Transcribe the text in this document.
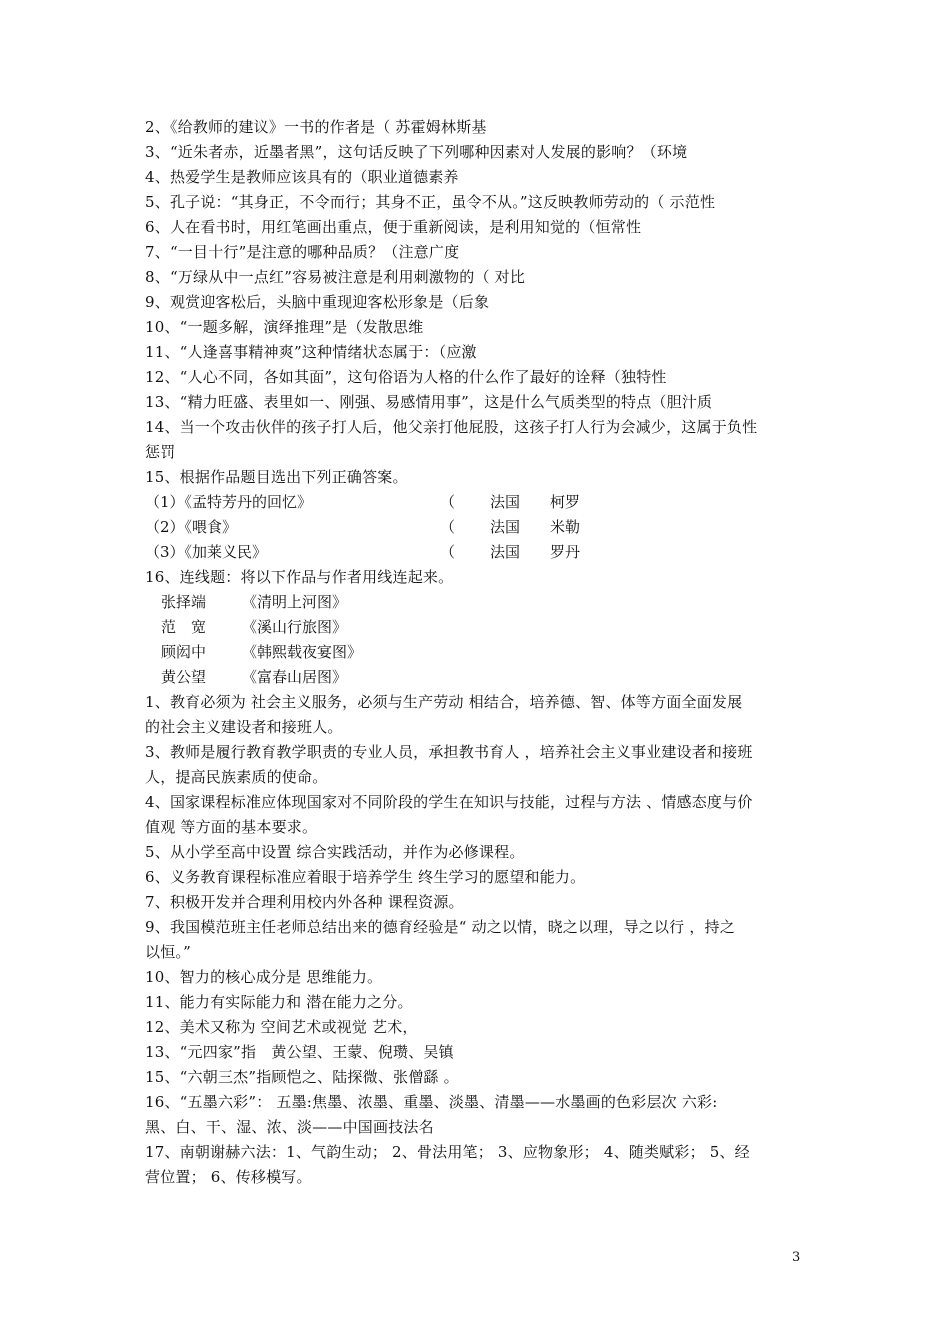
2、《给教师的建议》一书的作者是（ 苏霍姆林斯基
3、“近朱者赤，近墨者黑”，这句话反映了下列哪种因素对人发展的影响？（环境
4、热爱学生是教师应该具有的（职业道德素养
5、孔子说：“其身正，不令而行；其身不正，虽令不从。”这反映教师劳动的（ 示范性
6、人在看书时，用红笔画出重点，便于重新阅读，是利用知觉的（恒常性
7、“一目十行”是注意的哪种品质？（注意广度
8、“万绿从中一点红”容易被注意是利用刺激物的（ 对比
9、观赏迎客松后，头脑中重现迎客松形象是（后象
10、“一题多解，演绎推理”是（发散思维
11、“人逢喜事精神爽”这种情绪状态属于：（应激
12、“人心不同，各如其面”，这句俗语为人格的什么作了最好的诠释（独特性
13、“精力旺盛、表里如一、刚强、易感情用事”，这是什么气质类型的特点（胆汁质
14、当一个攻击伙伴的孩子打人后，他父亲打他屁股，这孩子打人行为会减少，这属于负性
惩罚
15、根据作品题目选出下列正确答案。
（1）《孟特芳丹的回忆》	（ 法国 柯罗
（2）《喂食》	（ 法国 米勒
（3）《加莱义民》	（ 法国 罗丹
16、连线题：将以下作品与作者用线连起来。
张择端 《清明上河图》
范　宽 《溪山行旅图》
顾闳中 《韩熙载夜宴图》
黄公望 《富春山居图》
1、教育必须为 社会主义服务，必须与生产劳动 相结合，培养德、智、体等方面全面发展
的社会主义建设者和接班人。
3、教师是履行教育教学职责的专业人员，承担教书育人 ，培养社会主义事业建设者和接班
人，提高民族素质的使命。
4、国家课程标准应体现国家对不同阶段的学生在知识与技能，过程与方法 、情感态度与价
值观 等方面的基本要求。
5、从小学至高中设置 综合实践活动，并作为必修课程。
6、义务教育课程标准应着眼于培养学生 终生学习的愿望和能力。
7、积极开发并合理利用校内外各种 课程资源。
9、我国模范班主任老师总结出来的德育经验是“ 动之以情，晓之以理，导之以行 ，持之
以恒。”
10、智力的核心成分是 思维能力。
11、能力有实际能力和 潜在能力之分。
12、美术又称为 空间艺术或视觉 艺术，
13、“元四家”指　黄公望、王蒙、倪瓒、吴镇
15、“六朝三杰”指顾恺之、陆探微、张僧繇 。
16、“五墨六彩”： 五墨:焦墨、浓墨、重墨、淡墨、清墨——水墨画的色彩层次 六彩:
黑、白、干、湿、浓、淡——中国画技法名
17、南朝谢赫六法：1、气韵生动； 2、骨法用笔； 3、应物象形； 4、随类赋彩； 5、经
营位置； 6、传移模写。
3
